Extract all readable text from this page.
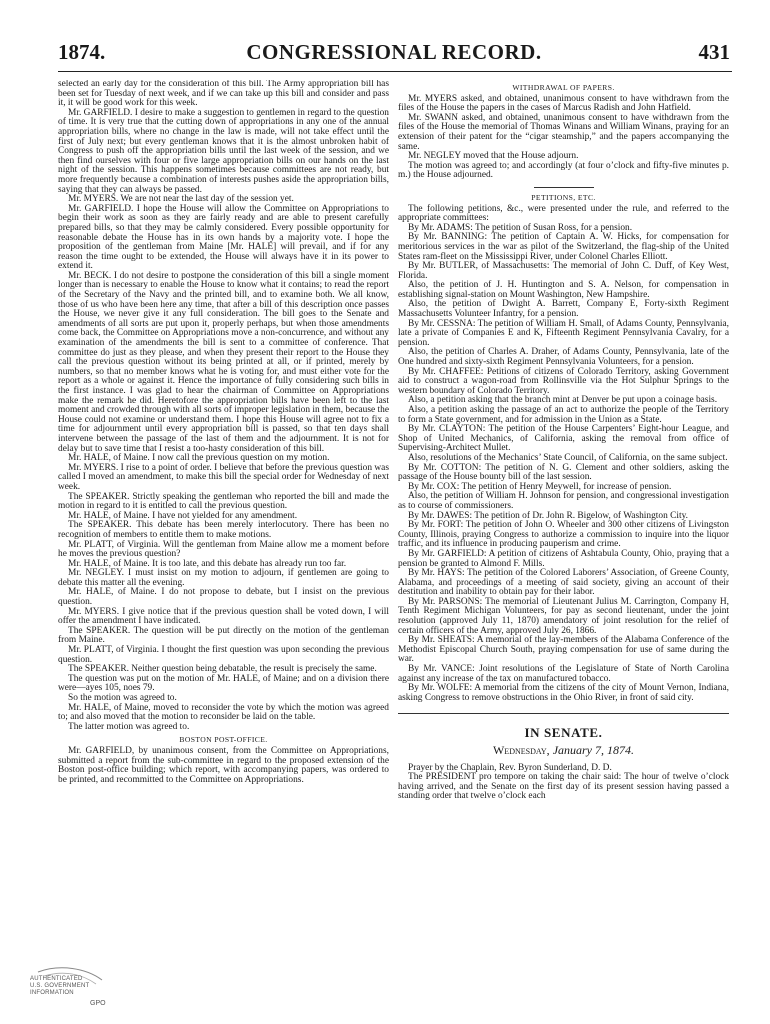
1874.	CONGRESSIONAL RECORD.	431

selected an early day for the consideration of this bill. The Army appropriation bill has been set for Tuesday of next week, and if we can take up this bill and consider and pass it, it will be good work for this week.

Mr. GARFIELD. I desire to make a suggestion to gentlemen in regard to the question of time. It is very true that the cutting down of appropriations in any one of the annual appropriation bills, where no change in the law is made, will not take effect until the first of July next; but every gentleman knows that it is the almost unbroken habit of Congress to push off the appropriation bills until the last week of the session, and we then find ourselves with four or five large appropriation bills on our hands on the last night of the session. This happens sometimes because committees are not ready, but more frequently because a combination of interests pushes aside the appropriation bills, saying that they can always be passed.

Mr. MYERS. We are not near the last day of the session yet.

Mr. GARFIELD. I hope the House will allow the Committee on Appropriations to begin their work as soon as they are fairly ready and are able to present carefully prepared bills, so that they may be calmly considered. Every possible opportunity for reasonable debate the House has in its own hands by a majority vote. I hope the proposition of the gentleman from Maine [Mr. HALE] will prevail, and if for any reason the time ought to be extended, the House will always have it in its power to extend it.

Mr. BECK. I do not desire to postpone the consideration of this bill a single moment longer than is necessary to enable the House to know what it contains; to read the report of the Secretary of the Navy and the printed bill, and to examine both. We all know, those of us who have been here any time, that after a bill of this description once passes the House, we never give it any full consideration. The bill goes to the Senate and amendments of all sorts are put upon it, properly perhaps, but when those amendments come back, the Committee on Appropriations move a non-concurrence, and without any examination of the amendments the bill is sent to a committee of conference. That committee do just as they please, and when they present their report to the House they call the previous question without its being printed at all, or if printed, merely by numbers, so that no member knows what he is voting for, and must either vote for the report as a whole or against it. Hence the importance of fully considering such bills in the first instance. I was glad to hear the chairman of Committee on Appropriations make the remark he did. Heretofore the appropriation bills have been left to the last moment and crowded through with all sorts of improper legislation in them, because the House could not examine or understand them. I hope this House will agree not to fix a time for adjournment until every appropriation bill is passed, so that ten days shall intervene between the passage of the last of them and the adjournment. It is not for delay but to save time that I resist a too-hasty consideration of this bill.

Mr. HALE, of Maine. I now call the previous question on my motion.

Mr. MYERS. I rise to a point of order. I believe that before the previous question was called I moved an amendment, to make this bill the special order for Wednesday of next week.

The SPEAKER. Strictly speaking the gentleman who reported the bill and made the motion in regard to it is entitled to call the previous question.

Mr. HALE, of Maine. I have not yielded for any amendment.

The SPEAKER. This debate has been merely interlocutory. There has been no recognition of members to entitle them to make motions.

Mr. PLATT, of Virginia. Will the gentleman from Maine allow me a moment before he moves the previous question?

Mr. HALE, of Maine. It is too late, and this debate has already run too far.

Mr. NEGLEY. I must insist on my motion to adjourn, if gentlemen are going to debate this matter all the evening.

Mr. HALE, of Maine. I do not propose to debate, but I insist on the previous question.

Mr. MYERS. I give notice that if the previous question shall be voted down, I will offer the amendment I have indicated.

The SPEAKER. The question will be put directly on the motion of the gentleman from Maine.

Mr. PLATT, of Virginia. I thought the first question was upon seconding the previous question.

The SPEAKER. Neither question being debatable, the result is precisely the same.

The question was put on the motion of Mr. HALE, of Maine; and on a division there were—ayes 105, noes 79.

So the motion was agreed to.

Mr. HALE, of Maine, moved to reconsider the vote by which the motion was agreed to; and also moved that the motion to reconsider be laid on the table.

The latter motion was agreed to.

BOSTON POST-OFFICE.

Mr. GARFIELD, by unanimous consent, from the Committee on Appropriations, submitted a report from the sub-committee in regard to the proposed extension of the Boston post-office building; which report, with accompanying papers, was ordered to be printed, and recommitted to the Committee on Appropriations.

WITHDRAWAL OF PAPERS.

Mr. MYERS asked, and obtained, unanimous consent to have withdrawn from the files of the House the papers in the cases of Marcus Radish and John Hatfield.

Mr. SWANN asked, and obtained, unanimous consent to have withdrawn from the files of the House the memorial of Thomas Winans and William Winans, praying for an extension of their patent for the “cigar steamship,” and the papers accompanying the same.

Mr. NEGLEY moved that the House adjourn.

The motion was agreed to; and accordingly (at four o’clock and fifty-five minutes p. m.) the House adjourned.

PETITIONS, ETC.

The following petitions, &c., were presented under the rule, and referred to the appropriate committees:

By Mr. ADAMS: The petition of Susan Ross, for a pension.

By Mr. BANNING: The petition of Captain A. W. Hicks, for compensation for meritorious services in the war as pilot of the Switzerland, the flag-ship of the United States ram-fleet on the Mississippi River, under Colonel Charles Elliott.

By Mr. BUTLER, of Massachusetts: The memorial of John C. Duff, of Key West, Florida.

Also, the petition of J. H. Huntington and S. A. Nelson, for compensation in establishing signal-station on Mount Washington, New Hampshire.

Also, the petition of Dwight A. Barrett, Company E, Forty-sixth Regiment Massachusetts Volunteer Infantry, for a pension.

By Mr. CESSNA: The petition of William H. Small, of Adams County, Pennsylvania, late a private of Companies E and K, Fifteenth Regiment Pennsylvania Cavalry, for a pension.

Also, the petition of Charles A. Draher, of Adams County, Pennsylvania, late of the One hundred and sixty-sixth Regiment Pennsylvania Volunteers, for a pension.

By Mr. CHAFFEE: Petitions of citizens of Colorado Territory, asking Government aid to construct a wagon-road from Rollinsville via the Hot Sulphur Springs to the western boundary of Colorado Territory.

Also, a petition asking that the branch mint at Denver be put upon a coinage basis.

Also, a petition asking the passage of an act to authorize the people of the Territory to form a State government, and for admission in the Union as a State.

By Mr. CLAYTON: The petition of the House Carpenters’ Eight-hour League, and Shop of United Mechanics, of California, asking the removal from office of Supervising-Architect Mullet.

Also, resolutions of the Mechanics’ State Council, of California, on the same subject.

By Mr. COTTON: The petition of N. G. Clement and other soldiers, asking the passage of the House bounty bill of the last session.

By Mr. COX: The petition of Henry Meywell, for increase of pension.

Also, the petition of William H. Johnson for pension, and congressional investigation as to course of commissioners.

By Mr. DAWES: The petition of Dr. John R. Bigelow, of Washington City.

By Mr. FORT: The petition of John O. Wheeler and 300 other citizens of Livingston County, Illinois, praying Congress to authorize a commission to inquire into the liquor traffic, and its influence in producing pauperism and crime.

By Mr. GARFIELD: A petition of citizens of Ashtabula County, Ohio, praying that a pension be granted to Almond F. Mills.

By Mr. HAYS: The petition of the Colored Laborers’ Association, of Greene County, Alabama, and proceedings of a meeting of said society, giving an account of their destitution and inability to obtain pay for their labor.

By Mr. PARSONS: The memorial of Lieutenant Julius M. Carrington, Company H, Tenth Regiment Michigan Volunteers, for pay as second lieutenant, under the joint resolution (approved July 11, 1870) amendatory of joint resolution for the relief of certain officers of the Army, approved July 26, 1866.

By Mr. SHEATS: A memorial of the lay-members of the Alabama Conference of the Methodist Episcopal Church South, praying compensation for use of same during the war.

By Mr. VANCE: Joint resolutions of the Legislature of State of North Carolina against any increase of the tax on manufactured tobacco.

By Mr. WOLFE: A memorial from the citizens of the city of Mount Vernon, Indiana, asking Congress to remove obstructions in the Ohio River, in front of said city.

IN SENATE.
Wednesday, January 7, 1874.

Prayer by the Chaplain, Rev. Byron Sunderland, D. D.

The PRESIDENT pro tempore on taking the chair said: The hour of twelve o’clock having arrived, and the Senate on the first day of its present session having passed a standing order that twelve o’clock each

AUTHENTICATED
U.S. GOVERNMENT
INFORMATION
GPO
